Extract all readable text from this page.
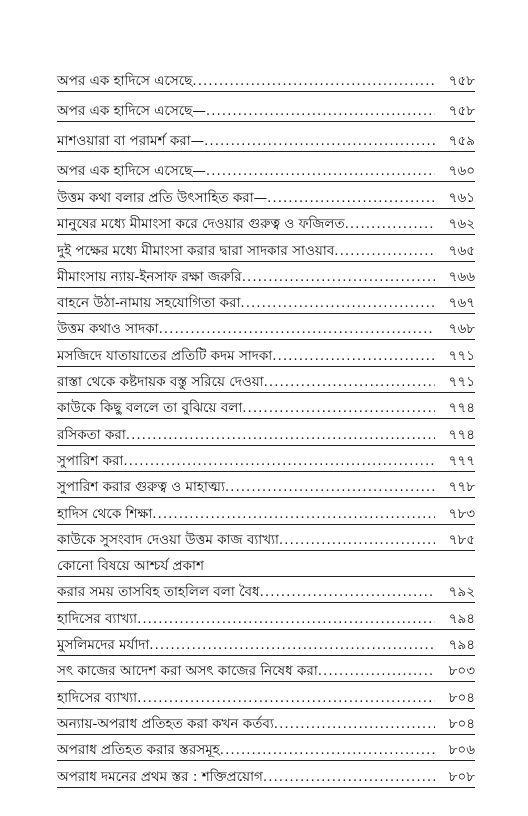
অপর এক হাদিসে এসেছে .....	৭৫৮
অপর এক হাদিসে এসেছে— .....	৭৫৮
মাশওয়ারা বা পরামর্শ করা— .....	৭৫৯
অপর এক হাদিসে এসেছে— .....	৭৬০
উত্তম কথা বলার প্রতি উৎসাহিত করা— .....	৭৬১
মানুষের মধ্যে মীমাংসা করে দেওয়ার গুরুত্ব ও ফজিলত .....	৭৬২
দুই পক্ষের মধ্যে মীমাংসা করার দ্বারা সাদকার সাওয়াব .....	৭৬৫
মীমাংসায় ন্যায়-ইনসাফ রক্ষা জরুরি .....	৭৬৬
বাহনে উঠা-নামায় সহযোগিতা করা .....	৭৬৭
উত্তম কথাও সাদকা .....	৭৬৮
মসজিদে যাতায়াতের প্রতিটি কদম সাদকা .....	৭৭১
রাস্তা থেকে কষ্টদায়ক বস্তু সরিয়ে দেওয়া .....	৭৭১
কাউকে কিছু বললে তা বুঝিয়ে বলা .....	৭৭৪
রসিকতা করা .....	৭৭৪
সুপারিশ করা .....	৭৭৭
সুপারিশ করার গুরুত্ব ও মাহাত্ম্য .....	৭৭৮
হাদিস থেকে শিক্ষা .....	৭৮৩
কাউকে সুসংবাদ দেওয়া উত্তম কাজ ব্যাখ্যা .....	৭৮৫
কোনো বিষয়ে আশ্চর্য প্রকাশ
করার সময় তাসবিহ তাহলিল বলা বৈধ .....	৭৯২
হাদিসের ব্যাখ্যা .....	৭৯৪
মুসলিমদের মর্যাদা .....	৭৯৪
সৎ কাজের আদেশ করা অসৎ কাজের নিষেধ করা .....	৮০৩
হাদিসের ব্যাখ্যা .....	৮০৪
অন্যায়-অপরাধ প্রতিহত করা কখন কর্তব্য .....	৮০৪
অপরাধ প্রতিহত করার স্তরসমূহ .....	৮০৬
অপরাধ দমনের প্রথম স্তর : শক্তিপ্রয়োগ .....	৮০৮
